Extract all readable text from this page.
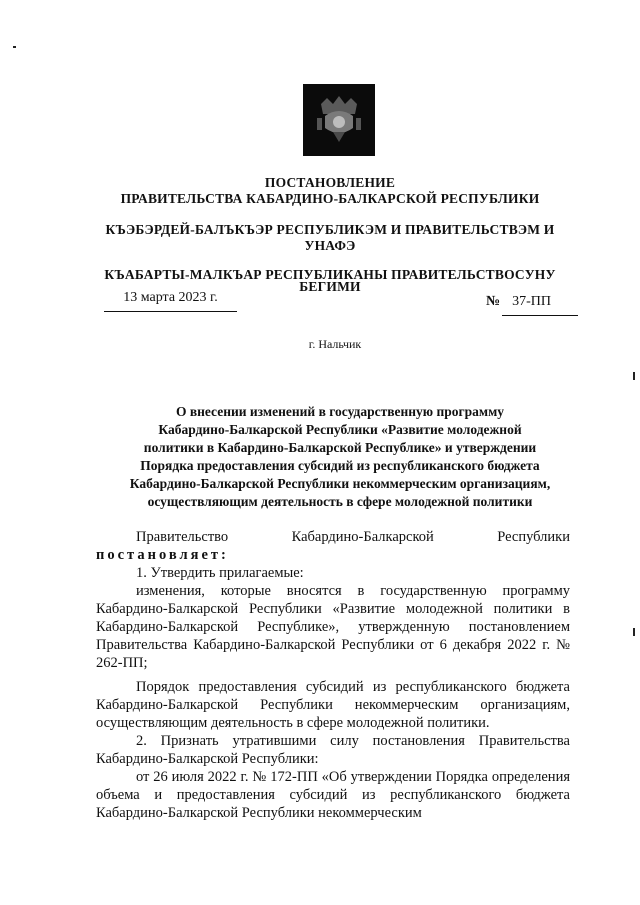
ПОСТАНОВЛЕНИЕ
ПРАВИТЕЛЬСТВА КАБАРДИНО-БАЛКАРСКОЙ РЕСПУБЛИКИ
КЪЭБЭРДЕЙ-БАЛЪКЪЭР РЕСПУБЛИКЭМ И ПРАВИТЕЛЬСТВЭМ И
УНАФЭ
КЪАБАРТЫ-МАЛКЪАР РЕСПУБЛИКАНЫ ПРАВИТЕЛЬСТВОСУНУ
БЕГИМИ
13 марта 2023 г.	№ 37-ПП
г. Нальчик
О внесении изменений в государственную программу
Кабардино-Балкарской Республики «Развитие молодежной
политики в Кабардино-Балкарской Республике» и утверждении
Порядка предоставления субсидий из республиканского бюджета
Кабардино-Балкарской Республики некоммерческим организациям,
осуществляющим деятельность в сфере молодежной политики

Правительство Кабардино-Балкарской Республики

постановляет:

1. Утвердить прилагаемые:

изменения, которые вносятся в государственную программу Кабардино-Балкарской Республики «Развитие молодежной политики в Кабардино-Балкарской Республике», утвержденную постановлением Правительства Кабардино-Балкарской Республики от 6 декабря 2022 г. № 262-ПП;

Порядок предоставления субсидий из республиканского бюджета Кабардино-Балкарской Республики некоммерческим организациям, осуществляющим деятельность в сфере молодежной политики.

2. Признать утратившими силу постановления Правительства Кабардино-Балкарской Республики:

от 26 июля 2022 г. № 172-ПП «Об утверждении Порядка определения объема и предоставления субсидий из республиканского бюджета Кабардино-Балкарской Республики некоммерческим
